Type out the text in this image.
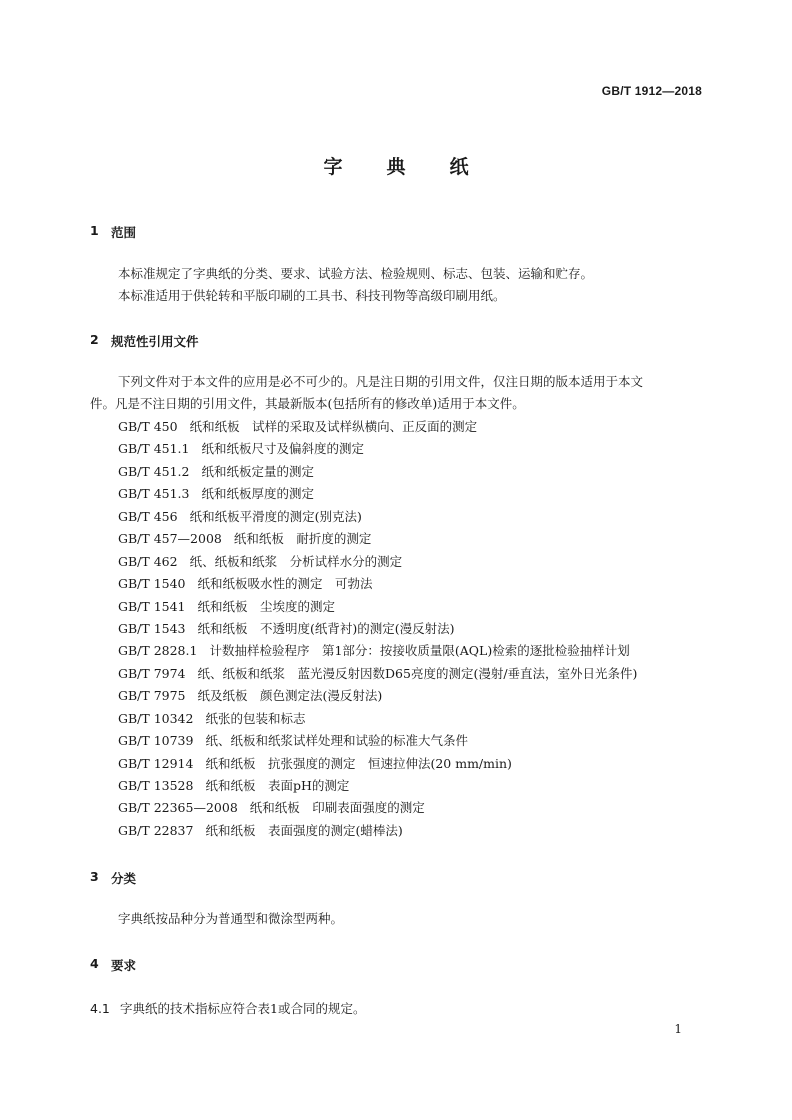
GB/T 1912—2018
字典纸
1 范围

本标准规定了字典纸的分类、要求、试验方法、检验规则、标志、包装、运输和贮存。

本标准适用于供轮转和平版印刷的工具书、科技刊物等高级印刷用纸。

2 规范性引用文件

下列文件对于本文件的应用是必不可少的。凡是注日期的引用文件，仅注日期的版本适用于本文

件。凡是不注日期的引用文件，其最新版本(包括所有的修改单)适用于本文件。

GB/T 450 纸和纸板　试样的采取及试样纵横向、正反面的测定
GB/T 451.1 纸和纸板尺寸及偏斜度的测定
GB/T 451.2 纸和纸板定量的测定
GB/T 451.3 纸和纸板厚度的测定
GB/T 456 纸和纸板平滑度的测定(别克法)
GB/T 457—2008 纸和纸板　耐折度的测定
GB/T 462 纸、纸板和纸浆　分析试样水分的测定
GB/T 1540 纸和纸板吸水性的测定　可勃法
GB/T 1541 纸和纸板　尘埃度的测定
GB/T 1543 纸和纸板　不透明度(纸背衬)的测定(漫反射法)
GB/T 2828.1 计数抽样检验程序　第1部分：按接收质量限(AQL)检索的逐批检验抽样计划
GB/T 7974 纸、纸板和纸浆　蓝光漫反射因数D65亮度的测定(漫射/垂直法，室外日光条件)
GB/T 7975 纸及纸板　颜色测定法(漫反射法)
GB/T 10342 纸张的包装和标志
GB/T 10739 纸、纸板和纸浆试样处理和试验的标准大气条件
GB/T 12914 纸和纸板　抗张强度的测定　恒速拉伸法(20 mm/min)
GB/T 13528 纸和纸板　表面pH的测定
GB/T 22365—2008 纸和纸板　印刷表面强度的测定
GB/T 22837 纸和纸板　表面强度的测定(蜡棒法)
3 分类

字典纸按品种分为普通型和微涂型两种。

4 要求

4.1 字典纸的技术指标应符合表1或合同的规定。

1
